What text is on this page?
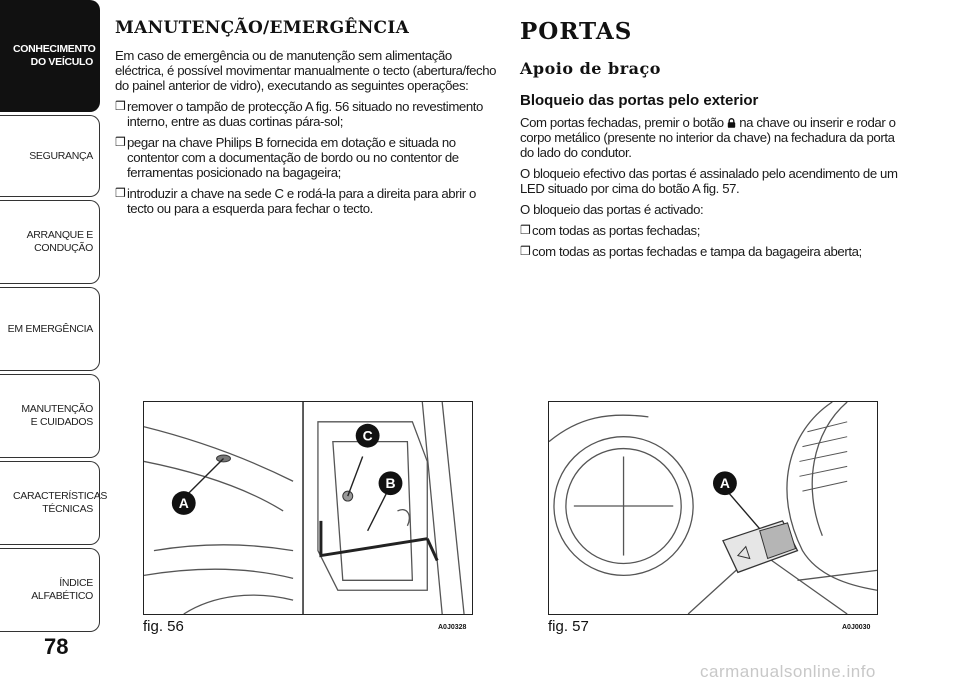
CONHECIMENTO DO VEÍCULO
SEGURANÇA
ARRANQUE E CONDUÇÃO
EM EMERGÊNCIA
MANUTENÇÃO E CUIDADOS
CARACTERÍSTICAS TÉCNICAS
ÍNDICE ALFABÉTICO
78
MANUTENÇÃO/EMERGÊNCIA

Em caso de emergência ou de manutenção sem alimentação eléctrica, é possível movimentar manualmente o tecto (abertura/fecho do painel anterior de vidro), executando as seguintes operações:

❒ remover o tampão de protecção A fig. 56 situado no revestimento interno, entre as duas cortinas pára-sol;

❒ pegar na chave Philips B fornecida em dotação e situada no contentor com a documentação de bordo ou no contentor de ferramentas posicionado na bagageira;

❒ introduzir a chave na sede C e rodá-la para a direita para abrir o tecto ou para a esquerda para fechar o tecto.

PORTAS
Apoio de braço
Bloqueio das portas pelo exterior

Com portas fechadas, premir o botão  na chave ou inserir e rodar o corpo metálico (presente no interior da chave) na fechadura da porta do lado do condutor.

O bloqueio efectivo das portas é assinalado pelo acendimento de um LED situado por cima do botão A fig. 57.

O bloqueio das portas é activado:

❒ com todas as portas fechadas;

❒ com todas as portas fechadas e tampa da bagageira aberta;

A
B
C
fig. 56	A0J0328
A
fig. 57	A0J0030
carmanualsonline.info
